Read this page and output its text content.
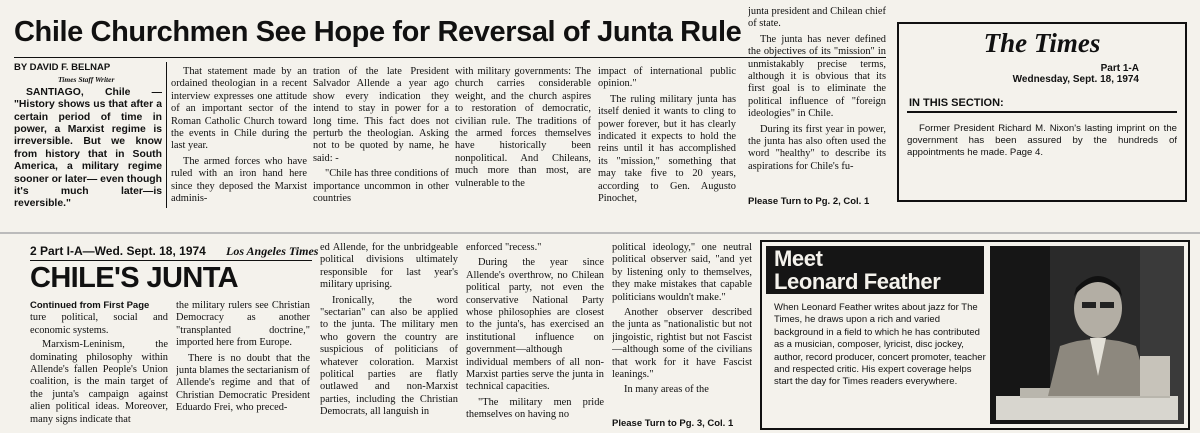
Chile Churchmen See Hope for Reversal of Junta Rule
BY DAVID F. BELNAP
Times Staff Writer

SANTIAGO, Chile — "History shows us that after a certain period of time in power, a Marxist regime is irreversible. But we know from history that in South America, a military regime sooner or later— even though it's much later—is reversible."

That statement made by an ordained theologian in a recent interview expresses one attitude of an important sector of the Roman Catholic Church toward the events in Chile during the last year.

The armed forces who have ruled with an iron hand here since they deposed the Marxist adminis-

tration of the late President Salvador Allende a year ago show every indication they intend to stay in power for a long time. This fact does not perturb the theologian. Asking not to be quoted by name, he said: -

"Chile has three conditions of importance uncommon in other countries

with military governments: The church carries considerable weight, and the church aspires to restoration of democratic, civilian rule. The traditions of the armed forces themselves have historically been nonpolitical. And Chileans, much more than most, are vulnerable to the

impact of international public opinion."

The ruling military junta has itself denied it wants to cling to power forever, but it has clearly indicated it expects to hold the reins until it has accomplished its "mission," something that may take five to 20 years, according to Gen. Augusto Pinochet,

junta president and Chilean chief of state.

The junta has never defined the objectives of its "mission" in unmistakably precise terms, although it is obvious that its first goal is to eliminate the political influence of "foreign ideologies" in Chile.

During its first year in power, the junta has also often used the word "healthy" to describe its aspirations for Chile's fu-

Please Turn to Pg. 2, Col. 1
The Times
Part 1-A
Wednesday, Sept. 18, 1974
IN THIS SECTION:
Former President Richard M. Nixon's lasting imprint on the government has been assured by the hundreds of appointments he made. Page 4.
2 Part I-A—Wed. Sept. 18, 1974 Los Angeles Times
CHILE'S JUNTA
Continued from First Page

ture political, social and economic systems.

Marxism-Leninism, the dominating philosophy within Allende's fallen People's Union coalition, is the main target of the junta's campaign against alien political ideas. Moreover, many signs indicate that

the military rulers see Christian Democracy as another "transplanted doctrine," imported here from Europe.

There is no doubt that the junta blames the sectarianism of Allende's regime and that of Christian Democratic President Eduardo Frei, who preced-

ed Allende, for the unbridgeable political divisions ultimately responsible for last year's military uprising.

Ironically, the word "sectarian" can also be applied to the junta. The military men who govern the country are suspicious of politicians of whatever coloration. Marxist political parties are flatly outlawed and non-Marxist parties, including the Christian Democrats, all languish in

enforced "recess."

During the year since Allende's overthrow, no Chilean political party, not even the conservative National Party whose philosophies are closest to the junta's, has exercised an institutional influence on government—although individual members of all non-Marxist parties serve the junta in technical capacities.

"The military men pride themselves on having no

political ideology," one neutral political observer said, "and yet by listening only to themselves, they make mistakes that capable politicians wouldn't make."

Another observer described the junta as "nationalistic but not jingoistic, rightist but not Fascist —although some of the civilians that work for it have Fascist leanings."

In many areas of the

Please Turn to Pg. 3, Col. 1
Meet
Leonard Feather
When Leonard Feather writes about jazz for The Times, he draws upon a rich and varied background in a field to which he has contributed as a musician, composer, lyricist, disc jockey, author, record producer, concert promoter, teacher and respected critic. His expert coverage helps start the day for Times readers everywhere.
